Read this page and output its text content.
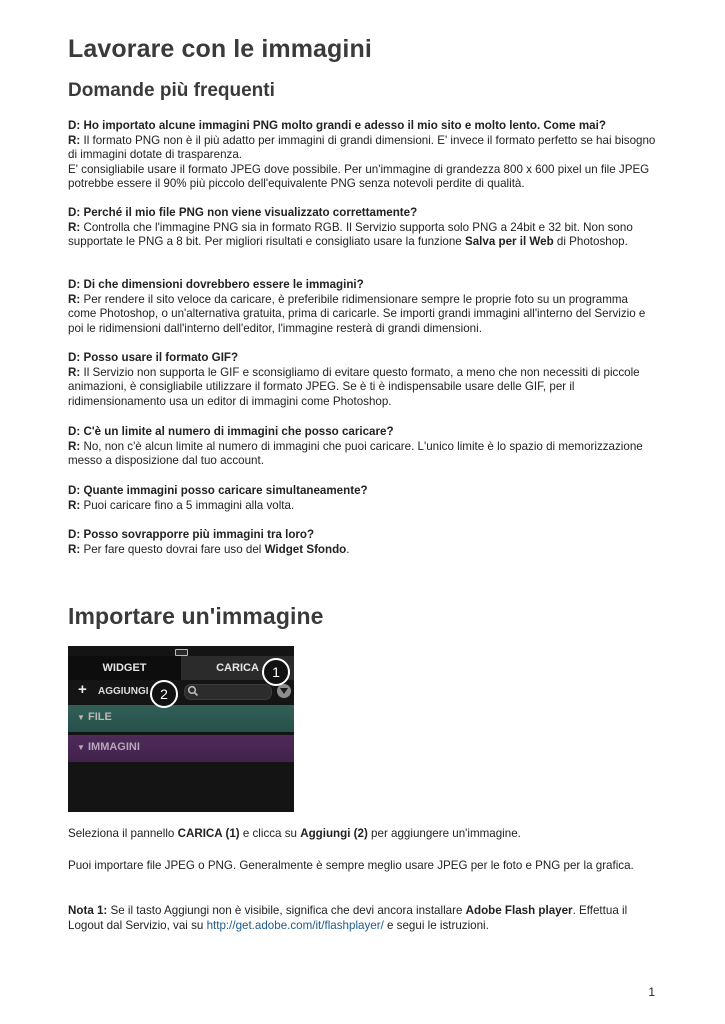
Lavorare con le immagini
Domande più frequenti

D: Ho importato alcune immagini PNG molto grandi e adesso il mio sito e molto lento. Come mai?

R: Il formato PNG non è il più adatto per immagini di grandi dimensioni. E' invece il formato perfetto se hai bisogno di immagini dotate di trasparenza.

E' consigliabile usare il formato JPEG dove possibile. Per un'immagine di grandezza 800 x 600 pixel un file JPEG potrebbe essere il 90% più piccolo dell'equivalente PNG senza notevoli perdite di qualità.

D: Perché il mio file PNG non viene visualizzato correttamente?

R: Controlla che l'immagine PNG sia in formato RGB. Il Servizio supporta solo PNG a 24bit e 32 bit. Non sono supportate le PNG a 8 bit. Per migliori risultati e consigliato usare la funzione Salva per il Web di Photoshop.

D: Di che dimensioni dovrebbero essere le immagini?

R: Per rendere il sito veloce da caricare, è preferibile ridimensionare sempre le proprie foto su un programma come Photoshop, o un'alternativa gratuita, prima di caricarle. Se importi grandi immagini all'interno del Servizio e poi le ridimensioni dall'interno dell'editor, l'immagine resterà di grandi dimensioni.

D: Posso usare il formato GIF?

R: Il Servizio non supporta le GIF e sconsigliamo di evitare questo formato, a meno che non necessiti di piccole animazioni, è consigliabile utilizzare il formato JPEG. Se è ti è indispensabile usare delle GIF, per il ridimensionamento usa un editor di immagini come Photoshop.

D: C'è un limite al numero di immagini che posso caricare?

R: No, non c'è alcun limite al numero di immagini che puoi caricare. L'unico limite è lo spazio di memorizzazione messo a disposizione dal tuo account.

D: Quante immagini posso caricare simultaneamente?

R: Puoi caricare fino a 5 immagini alla volta.

D: Posso sovrapporre più immagini tra loro?

R: Per fare questo dovrai fare uso del Widget Sfondo.

Importare un'immagine

Seleziona il pannello CARICA (1) e clicca su Aggiungi (2) per aggiungere un'immagine.

Puoi importare file JPEG o PNG. Generalmente è sempre meglio usare JPEG per le foto e PNG per la grafica.

Nota 1: Se il tasto Aggiungi non è visibile, significa che devi ancora installare Adobe Flash player. Effettua il Logout dal Servizio, vai su http://get.adobe.com/it/flashplayer/ e segui le istruzioni.

WIDGET	CARICA
+ AGGIUNGI
▼ FILE
▼ IMMAGINI
1
2
1
